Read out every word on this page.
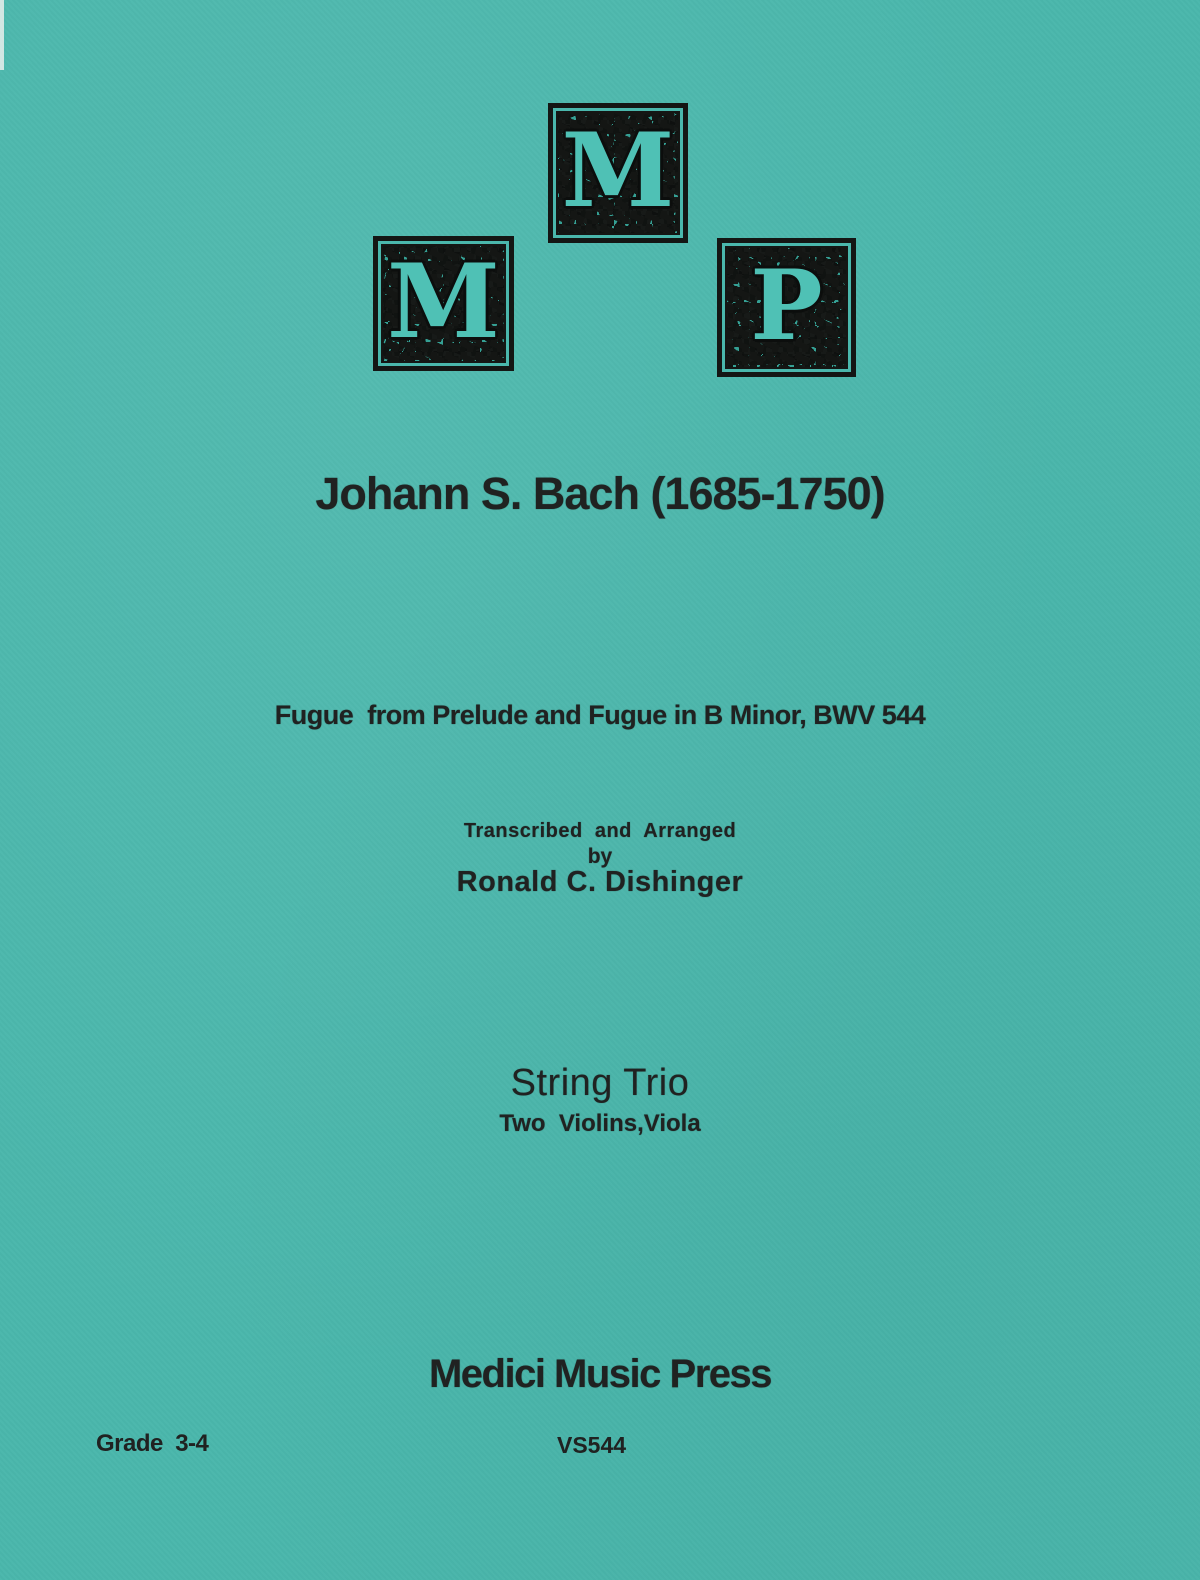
M
M	P
Johann S. Bach (1685-1750)
Fugue  from Prelude and Fugue in B Minor, BWV 544
Transcribed  and  Arranged
by
Ronald C. Dishinger
String Trio
Two  Violins,Viola
Medici Music Press
Grade  3-4	VS544
